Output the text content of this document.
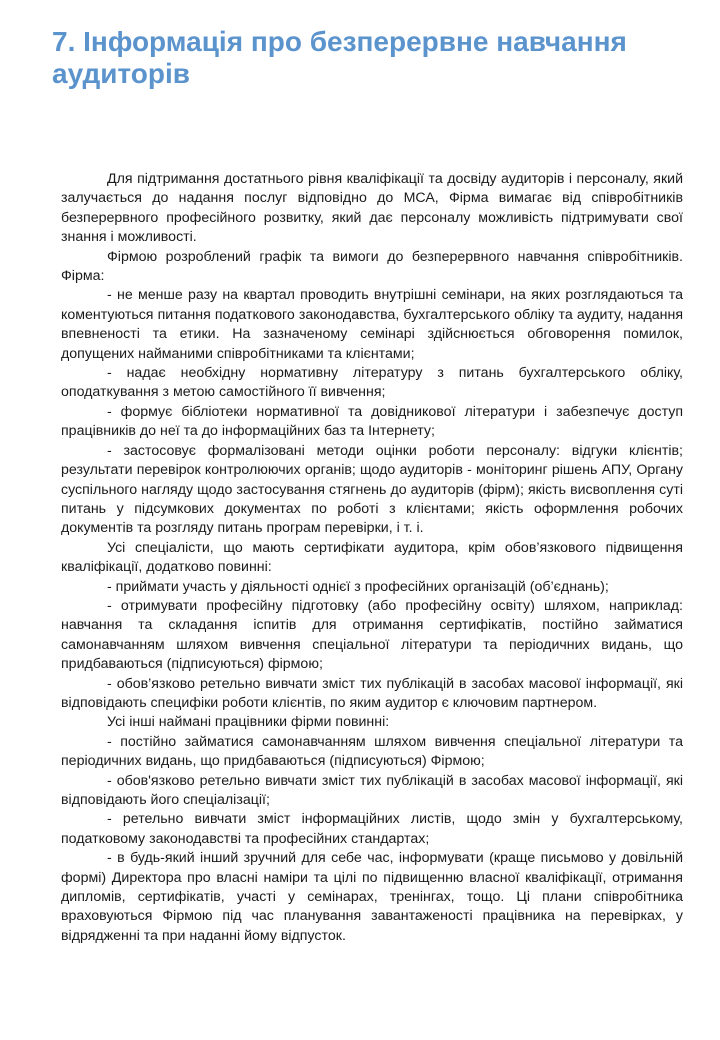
7. Інформація про безперервне навчання аудиторів

Для підтримання достатнього рівня кваліфікації та досвіду аудиторів і персоналу, який залучається до надання послуг відповідно до МСА, Фірма вимагає від співробітників безперервного професійного розвитку, який дає персоналу можливість підтримувати свої знання і можливості.

Фірмою розроблений графік та вимоги до безперервного навчання співробітників. Фірма:

- не менше разу на квартал проводить внутрішні семінари, на яких розглядаються та коментуються питання податкового законодавства, бухгалтерського обліку та аудиту, надання впевненості та етики. На зазначеному семінарі здійснюється обговорення помилок, допущених найманими співробітниками та клієнтами;

- надає необхідну нормативну літературу з питань бухгалтерського обліку, оподаткування з метою самостійного її вивчення;

- формує бібліотеки нормативної та довідникової літератури і забезпечує доступ працівників до неї та до інформаційних баз та Інтернету;

- застосовує формалізовані методи оцінки роботи персоналу: відгуки клієнтів; результати перевірок контролюючих органів; щодо аудиторів - моніторинг рішень АПУ, Органу суспільного нагляду щодо застосування стягнень до аудиторів (фірм); якість висвоплення суті питань у підсумкових документах по роботі з клієнтами; якість оформлення робочих документів та розгляду питань програм перевірки, і т. і.

Усі спеціалісти, що мають сертифікати аудитора, крім обов’язкового підвищення кваліфікації, додатково повинні:

- приймати участь у діяльності однієї з професійних організацій (об’єднань);

- отримувати професійну підготовку (або професійну освіту) шляхом, наприклад: навчання та складання іспитів для отримання сертифікатів, постійно займатися самонавчанням шляхом вивчення спеціальної літератури та періодичних видань, що придбаваються (підписуються) фірмою;

- обов’язково ретельно вивчати зміст тих публікацій в засобах масової інформації, які відповідають специфіки роботи клієнтів, по яким аудитор є ключовим партнером.

Усі інші наймані працівники фірми повинні:

- постійно займатися самонавчанням шляхом вивчення спеціальної літератури та періодичних видань, що придбаваються (підписуються) Фірмою;

- обов'язково ретельно вивчати зміст тих публікацій в засобах масової інформації, які відповідають його спеціалізації;

- ретельно вивчати зміст інформаційних листів, щодо змін у бухгалтерському, податковому законодавстві та професійних стандартах;

- в будь-який інший зручний для себе час, інформувати (краще письмово у довільній формі) Директора про власні наміри та цілі по підвищенню власної кваліфікації, отримання дипломів, сертифікатів, участі у семінарах, тренінгах, тощо. Ці плани співробітника враховуються Фірмою під час планування завантаженості працівника на перевірках, у відрядженні та при наданні йому відпусток.
